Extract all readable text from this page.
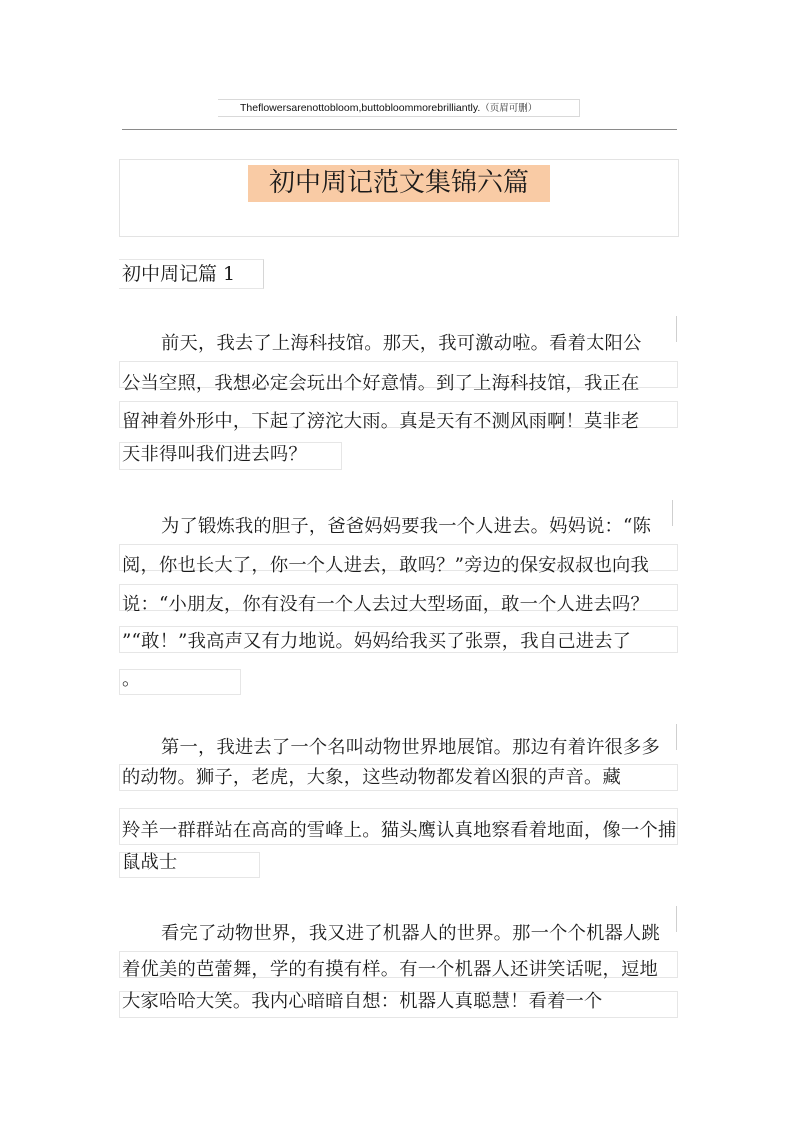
Theflowersarenottobloom,buttobloommorebrilliantly.（页眉可删）
初中周记范文集锦六篇
初中周记篇 1
前天，我去了上海科技馆。那天，我可激动啦。看着太阳公
公当空照，我想必定会玩出个好意情。到了上海科技馆，我正在
留神着外形中，下起了滂沱大雨。真是天有不测风雨啊！莫非老
天非得叫我们进去吗？
为了锻炼我的胆子，爸爸妈妈要我一个人进去。妈妈说：“陈
阅，你也长大了，你一个人进去，敢吗？”旁边的保安叔叔也向我
说：“小朋友，你有没有一个人去过大型场面，敢一个人进去吗？
”“敢！”我高声又有力地说。妈妈给我买了张票，我自己进去了
。
第一，我进去了一个名叫动物世界地展馆。那边有着许很多多
的动物。狮子，老虎，大象，这些动物都发着凶狠的声音。藏
羚羊一群群站在高高的雪峰上。猫头鹰认真地察看着地面，像一个捕
鼠战士
看完了动物世界，我又进了机器人的世界。那一个个机器人跳
着优美的芭蕾舞，学的有摸有样。有一个机器人还讲笑话呢，逗地
大家哈哈大笑。我内心暗暗自想：机器人真聪慧！看着一个
